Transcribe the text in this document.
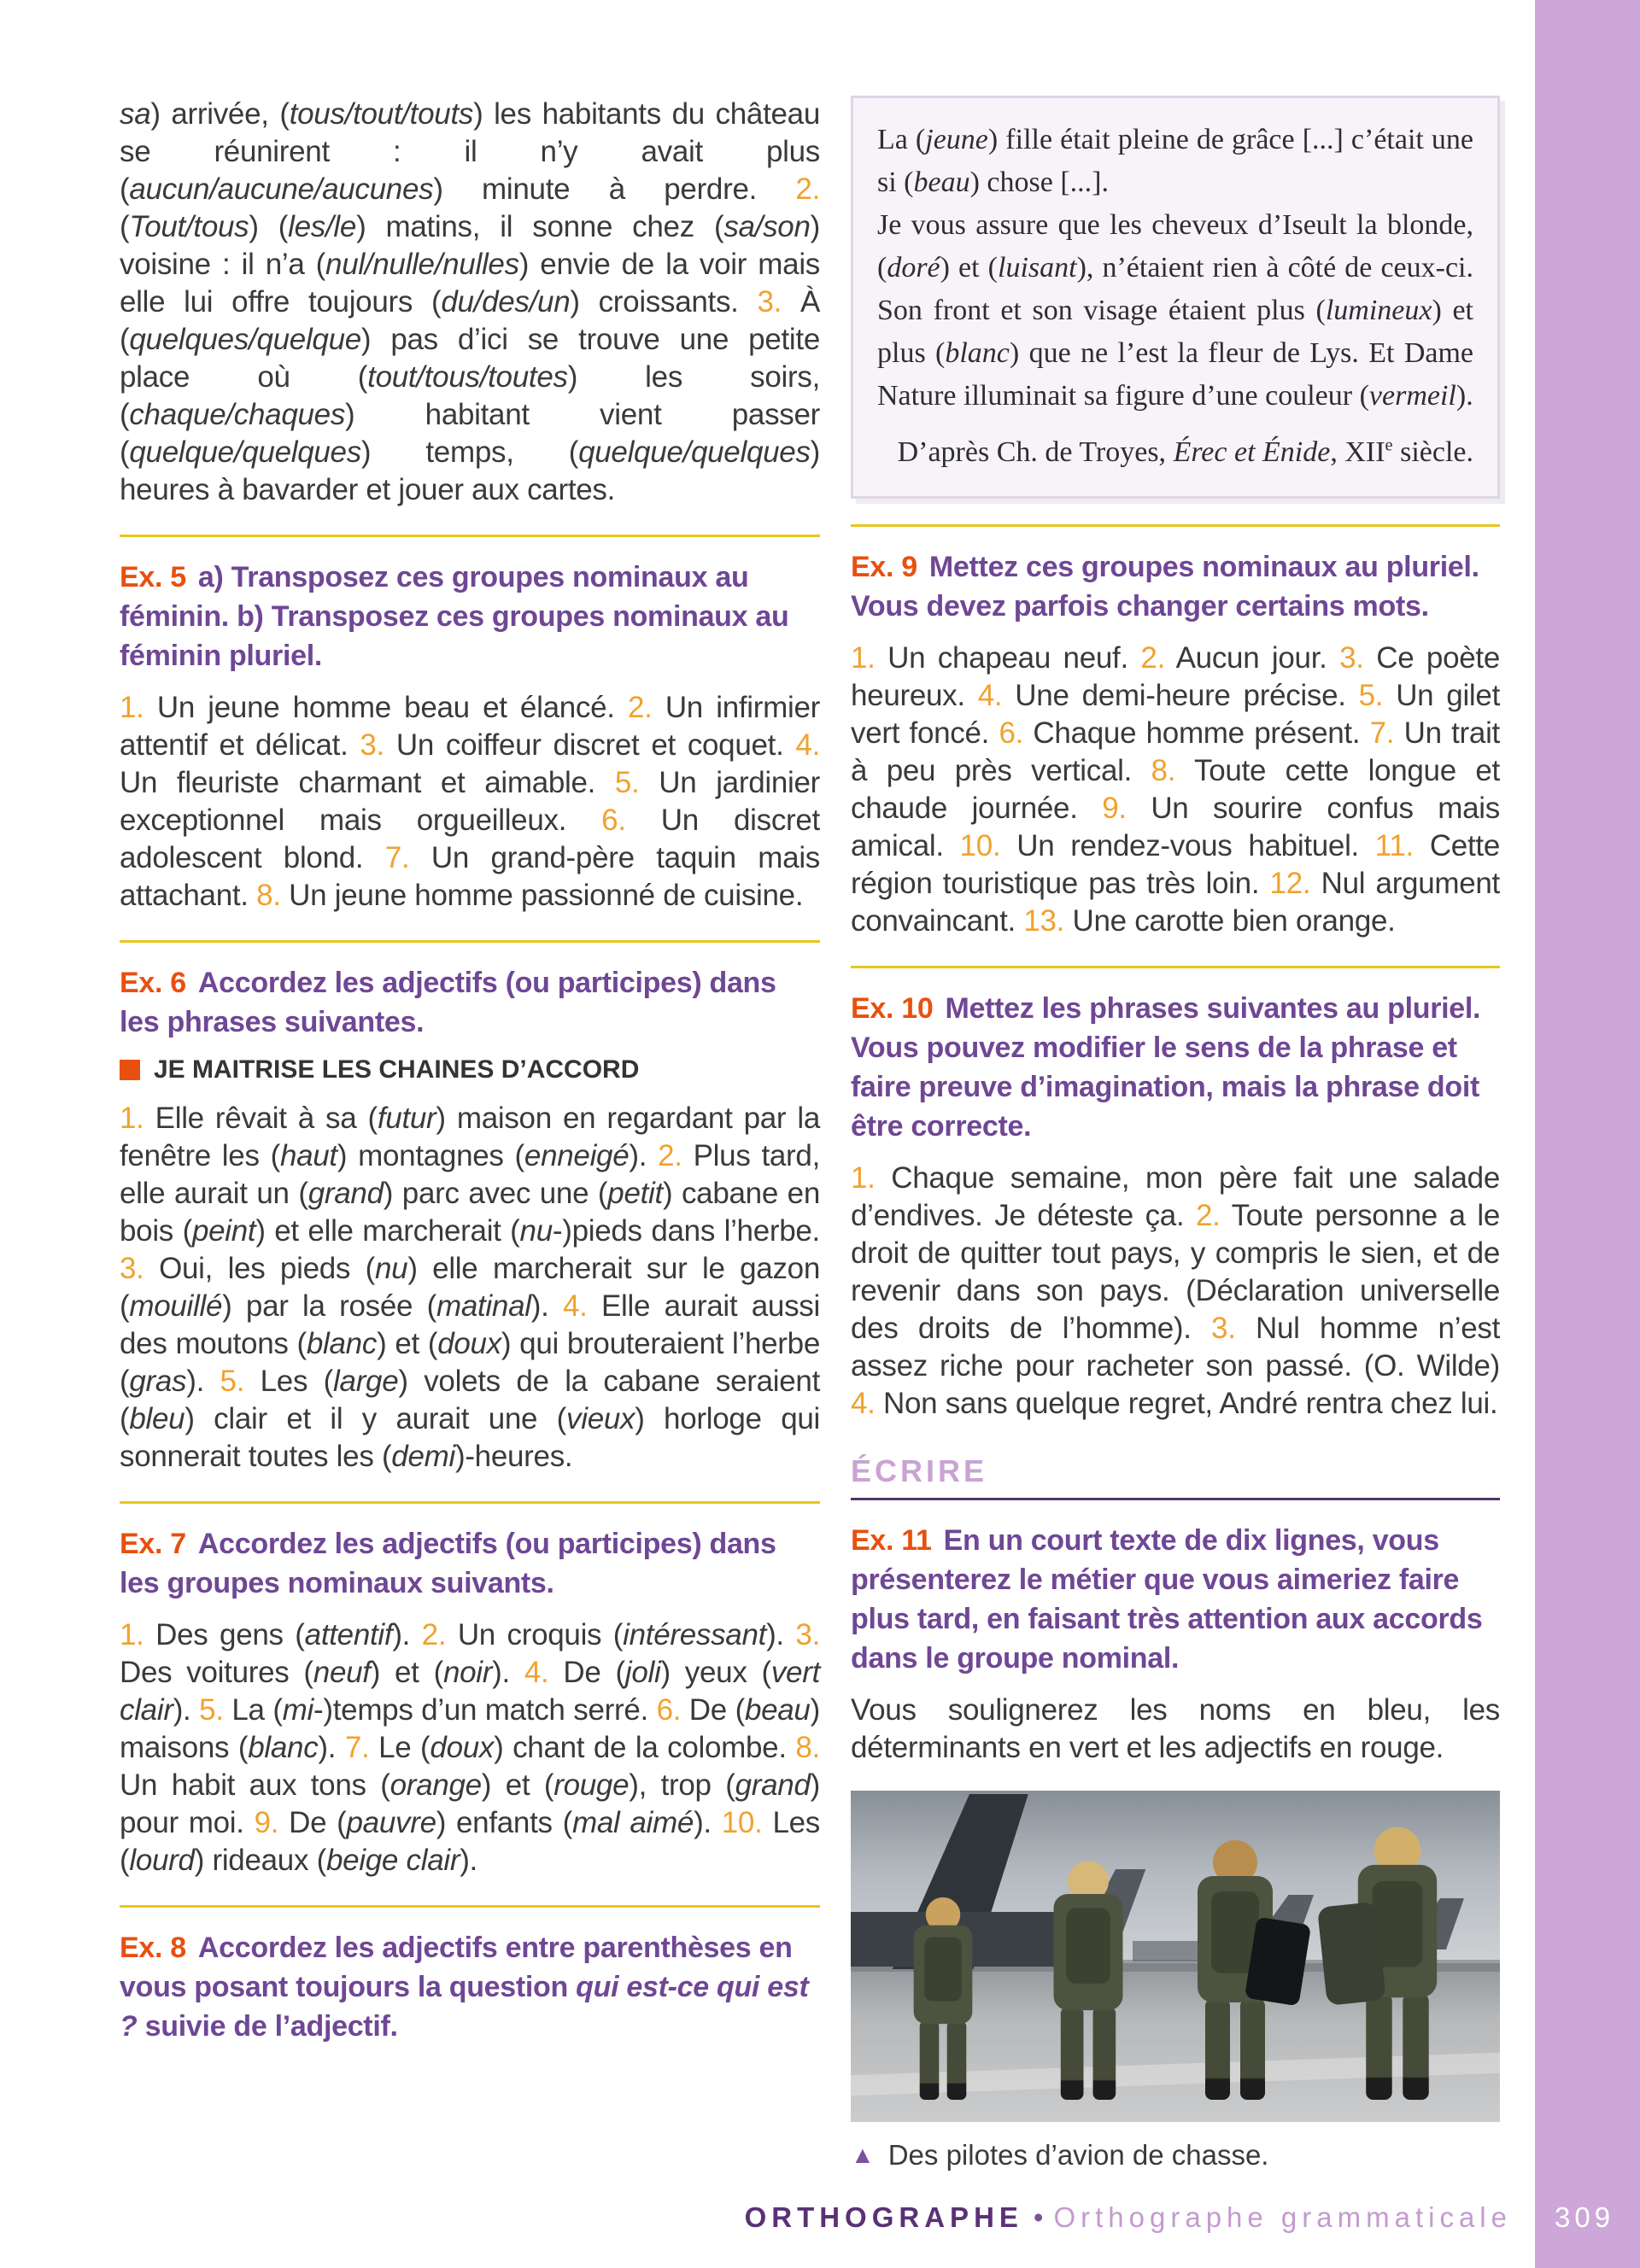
sa) arrivée, (tous/tout/touts) les habitants du château se réunirent : il n’y avait plus (aucun/aucune/aucunes) minute à perdre. 2. (Tout/tous) (les/le) matins, il sonne chez (sa/son) voisine : il n’a (nul/nulle/nulles) envie de la voir mais elle lui offre toujours (du/des/un) croissants. 3. À (quelques/quelque) pas d’ici se trouve une petite place où (tout/tous/toutes) les soirs, (chaque/chaques) habitant vient passer (quelque/quelques) temps, (quelque/quelques) heures à bavarder et jouer aux cartes.

Ex. 5 a) Transposez ces groupes nominaux au féminin. b) Transposez ces groupes nominaux au féminin pluriel.

1. Un jeune homme beau et élancé. 2. Un infirmier attentif et délicat. 3. Un coiffeur discret et coquet. 4. Un fleuriste charmant et aimable. 5. Un jardinier exceptionnel mais orgueilleux. 6. Un discret adolescent blond. 7. Un grand-père taquin mais attachant. 8. Un jeune homme passionné de cuisine.

Ex. 6 Accordez les adjectifs (ou participes) dans les phrases suivantes.
JE MAITRISE LES CHAINES D’ACCORD

1. Elle rêvait à sa (futur) maison en regardant par la fenêtre les (haut) montagnes (enneigé). 2. Plus tard, elle aurait un (grand) parc avec une (petit) cabane en bois (peint) et elle marcherait (nu-)pieds dans l’herbe. 3. Oui, les pieds (nu) elle marcherait sur le gazon (mouillé) par la rosée (matinal). 4. Elle aurait aussi des moutons (blanc) et (doux) qui brouteraient l’herbe (gras). 5. Les (large) volets de la cabane seraient (bleu) clair et il y aurait une (vieux) horloge qui sonnerait toutes les (demi)-heures.

Ex. 7 Accordez les adjectifs (ou participes) dans les groupes nominaux suivants.

1. Des gens (attentif). 2. Un croquis (intéressant). 3. Des voitures (neuf) et (noir). 4. De (joli) yeux (vert clair). 5. La (mi-)temps d’un match serré. 6. De (beau) maisons (blanc). 7. Le (doux) chant de la colombe. 8. Un habit aux tons (orange) et (rouge), trop (grand) pour moi. 9. De (pauvre) enfants (mal aimé). 10. Les (lourd) rideaux (beige clair).

Ex. 8 Accordez les adjectifs entre parenthèses en vous posant toujours la question qui est-ce qui est ? suivie de l’adjectif.

La (jeune) fille était pleine de grâce [...] c’était une si (beau) chose [...].

Je vous assure que les cheveux d’Iseult la blonde, (doré) et (luisant), n’étaient rien à côté de ceux-ci. Son front et son visage étaient plus (lumineux) et plus (blanc) que ne l’est la fleur de Lys. Et Dame Nature illuminait sa figure d’une couleur (vermeil).

D’après Ch. de Troyes, Érec et Énide, XIIe siècle.

Ex. 9 Mettez ces groupes nominaux au pluriel. Vous devez parfois changer certains mots.

1. Un chapeau neuf. 2. Aucun jour. 3. Ce poète heureux. 4. Une demi-heure précise. 5. Un gilet vert foncé. 6. Chaque homme présent. 7. Un trait à peu près vertical. 8. Toute cette longue et chaude journée. 9. Un sourire confus mais amical. 10. Un rendez-vous habituel. 11. Cette région touristique pas très loin. 12. Nul argument convaincant. 13. Une carotte bien orange.

Ex. 10 Mettez les phrases suivantes au pluriel. Vous pouvez modifier le sens de la phrase et faire preuve d’imagination, mais la phrase doit être correcte.

1. Chaque semaine, mon père fait une salade d’endives. Je déteste ça. 2. Toute personne a le droit de quitter tout pays, y compris le sien, et de revenir dans son pays. (Déclaration universelle des droits de l’homme). 3. Nul homme n’est assez riche pour racheter son passé. (O. Wilde) 4. Non sans quelque regret, André rentra chez lui.

ÉCRIRE
Ex. 11 En un court texte de dix lignes, vous présenterez le métier que vous aimeriez faire plus tard, en faisant très attention aux accords dans le groupe nominal.

Vous soulignerez les noms en bleu, les déterminants en vert et les adjectifs en rouge.

▲ Des pilotes d’avion de chasse.

ORTHOGRAPHE • Orthographe grammaticale 309
